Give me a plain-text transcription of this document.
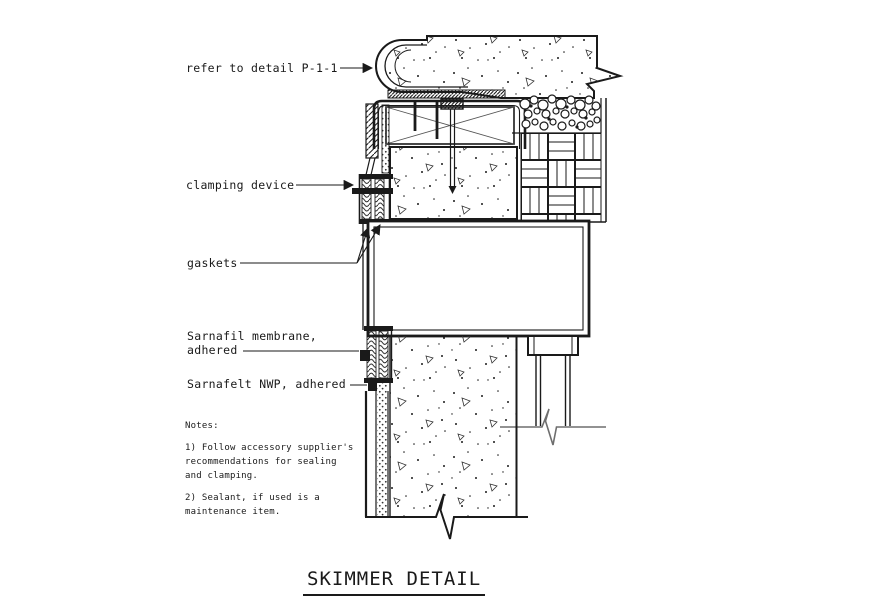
refer to detail P-1-1
clamping device
gaskets
Sarnafil membrane,
adhered
Sarnafelt NWP, adhered
Notes:
1) Follow accessory supplier's
recommendations for sealing
and clamping.
2) Sealant, if used is a
maintenance item.
SKIMMER DETAIL
